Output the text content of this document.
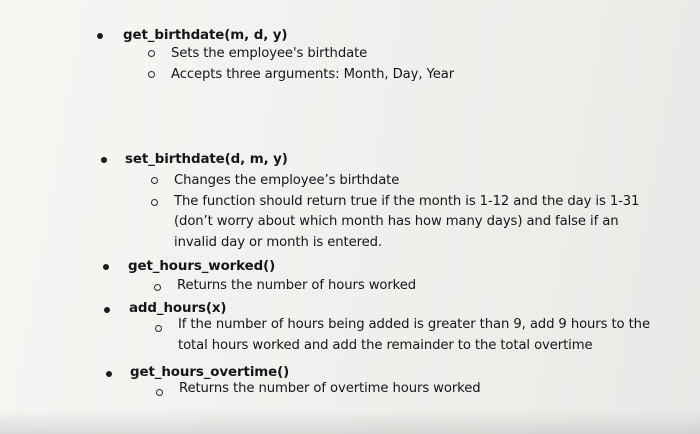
get_birthdate(m, d, y)
Sets the employee's birthdate
Accepts three arguments: Month, Day, Year
set_birthdate(d, m, y)
Changes the employee’s birthdate
The function should return true if the month is 1-12 and the day is 1-31
(don’t worry about which month has how many days) and false if an
invalid day or month is entered.
get_hours_worked()
Returns the number of hours worked
add_hours(x)
If the number of hours being added is greater than 9, add 9 hours to the
total hours worked and add the remainder to the total overtime
get_hours_overtime()
Returns the number of overtime hours worked
